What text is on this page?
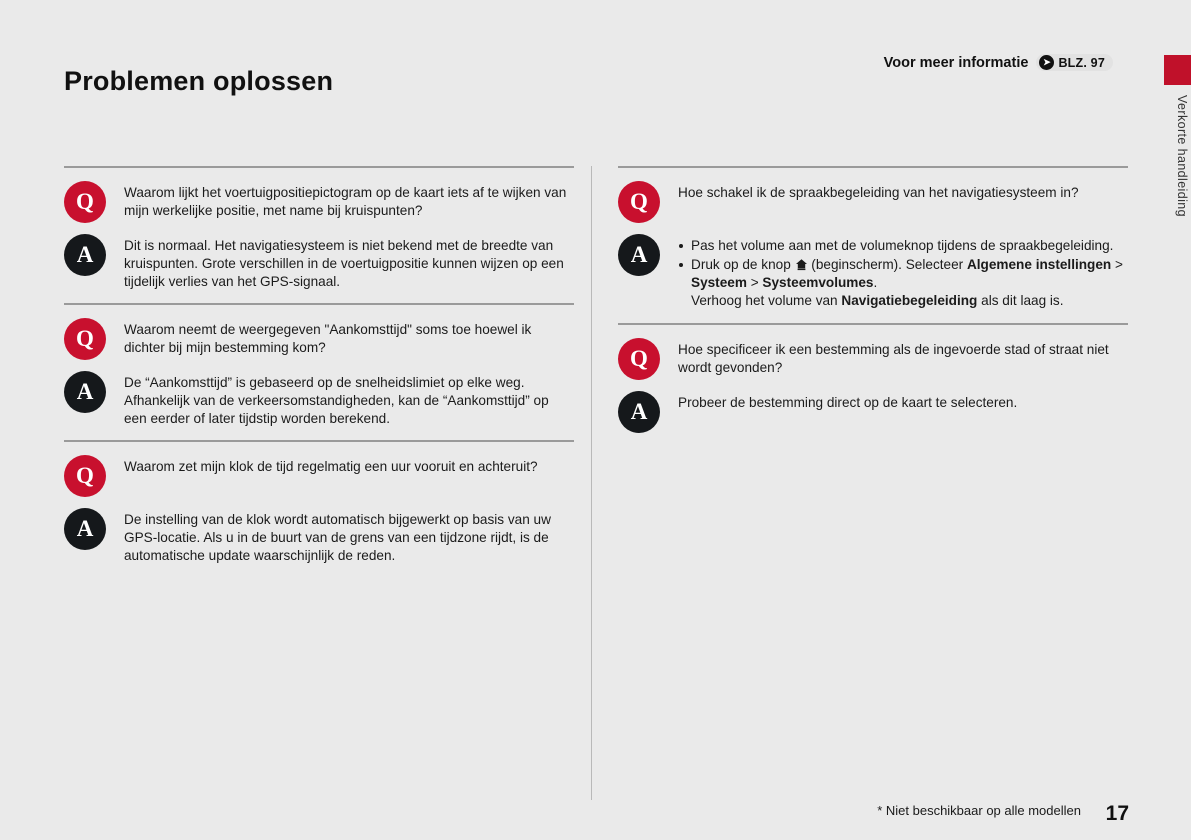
Problemen oplossen
Voor meer informatie	➤ BLZ. 97
Verkorte handleiding
Q	Waarom lijkt het voertuigpositiepictogram op de kaart iets af te wijken van mijn werkelijke positie, met name bij kruispunten?
A	Dit is normaal. Het navigatiesysteem is niet bekend met de breedte van kruispunten. Grote verschillen in de voertuigpositie kunnen wijzen op een tijdelijk verlies van het GPS-signaal.
Q	Waarom neemt de weergegeven "Aankomsttijd" soms toe hoewel ik dichter bij mijn bestemming kom?
A	De “Aankomsttijd” is gebaseerd op de snelheidslimiet op elke weg. Afhankelijk van de verkeersomstandigheden, kan de “Aankomsttijd” op een eerder of later tijdstip worden berekend.
Q	Waarom zet mijn klok de tijd regelmatig een uur vooruit en achteruit?
A	De instelling van de klok wordt automatisch bijgewerkt op basis van uw GPS-locatie. Als u in de buurt van de grens van een tijdzone rijdt, is de automatische update waarschijnlijk de reden.
Q	Hoe schakel ik de spraakbegeleiding van het navigatiesysteem in?
A	Pas het volume aan met de volumeknop tijdens de spraakbegeleiding.
Druk op de knop
(beginscherm). Selecteer Algemene instellingen > Systeem > Systeemvolumes.
Verhoog het volume van Navigatiebegeleiding als dit laag is.
Q	Hoe specificeer ik een bestemming als de ingevoerde stad of straat niet wordt gevonden?
A	Probeer de bestemming direct op de kaart te selecteren.
* Niet beschikbaar op alle modellen 17
